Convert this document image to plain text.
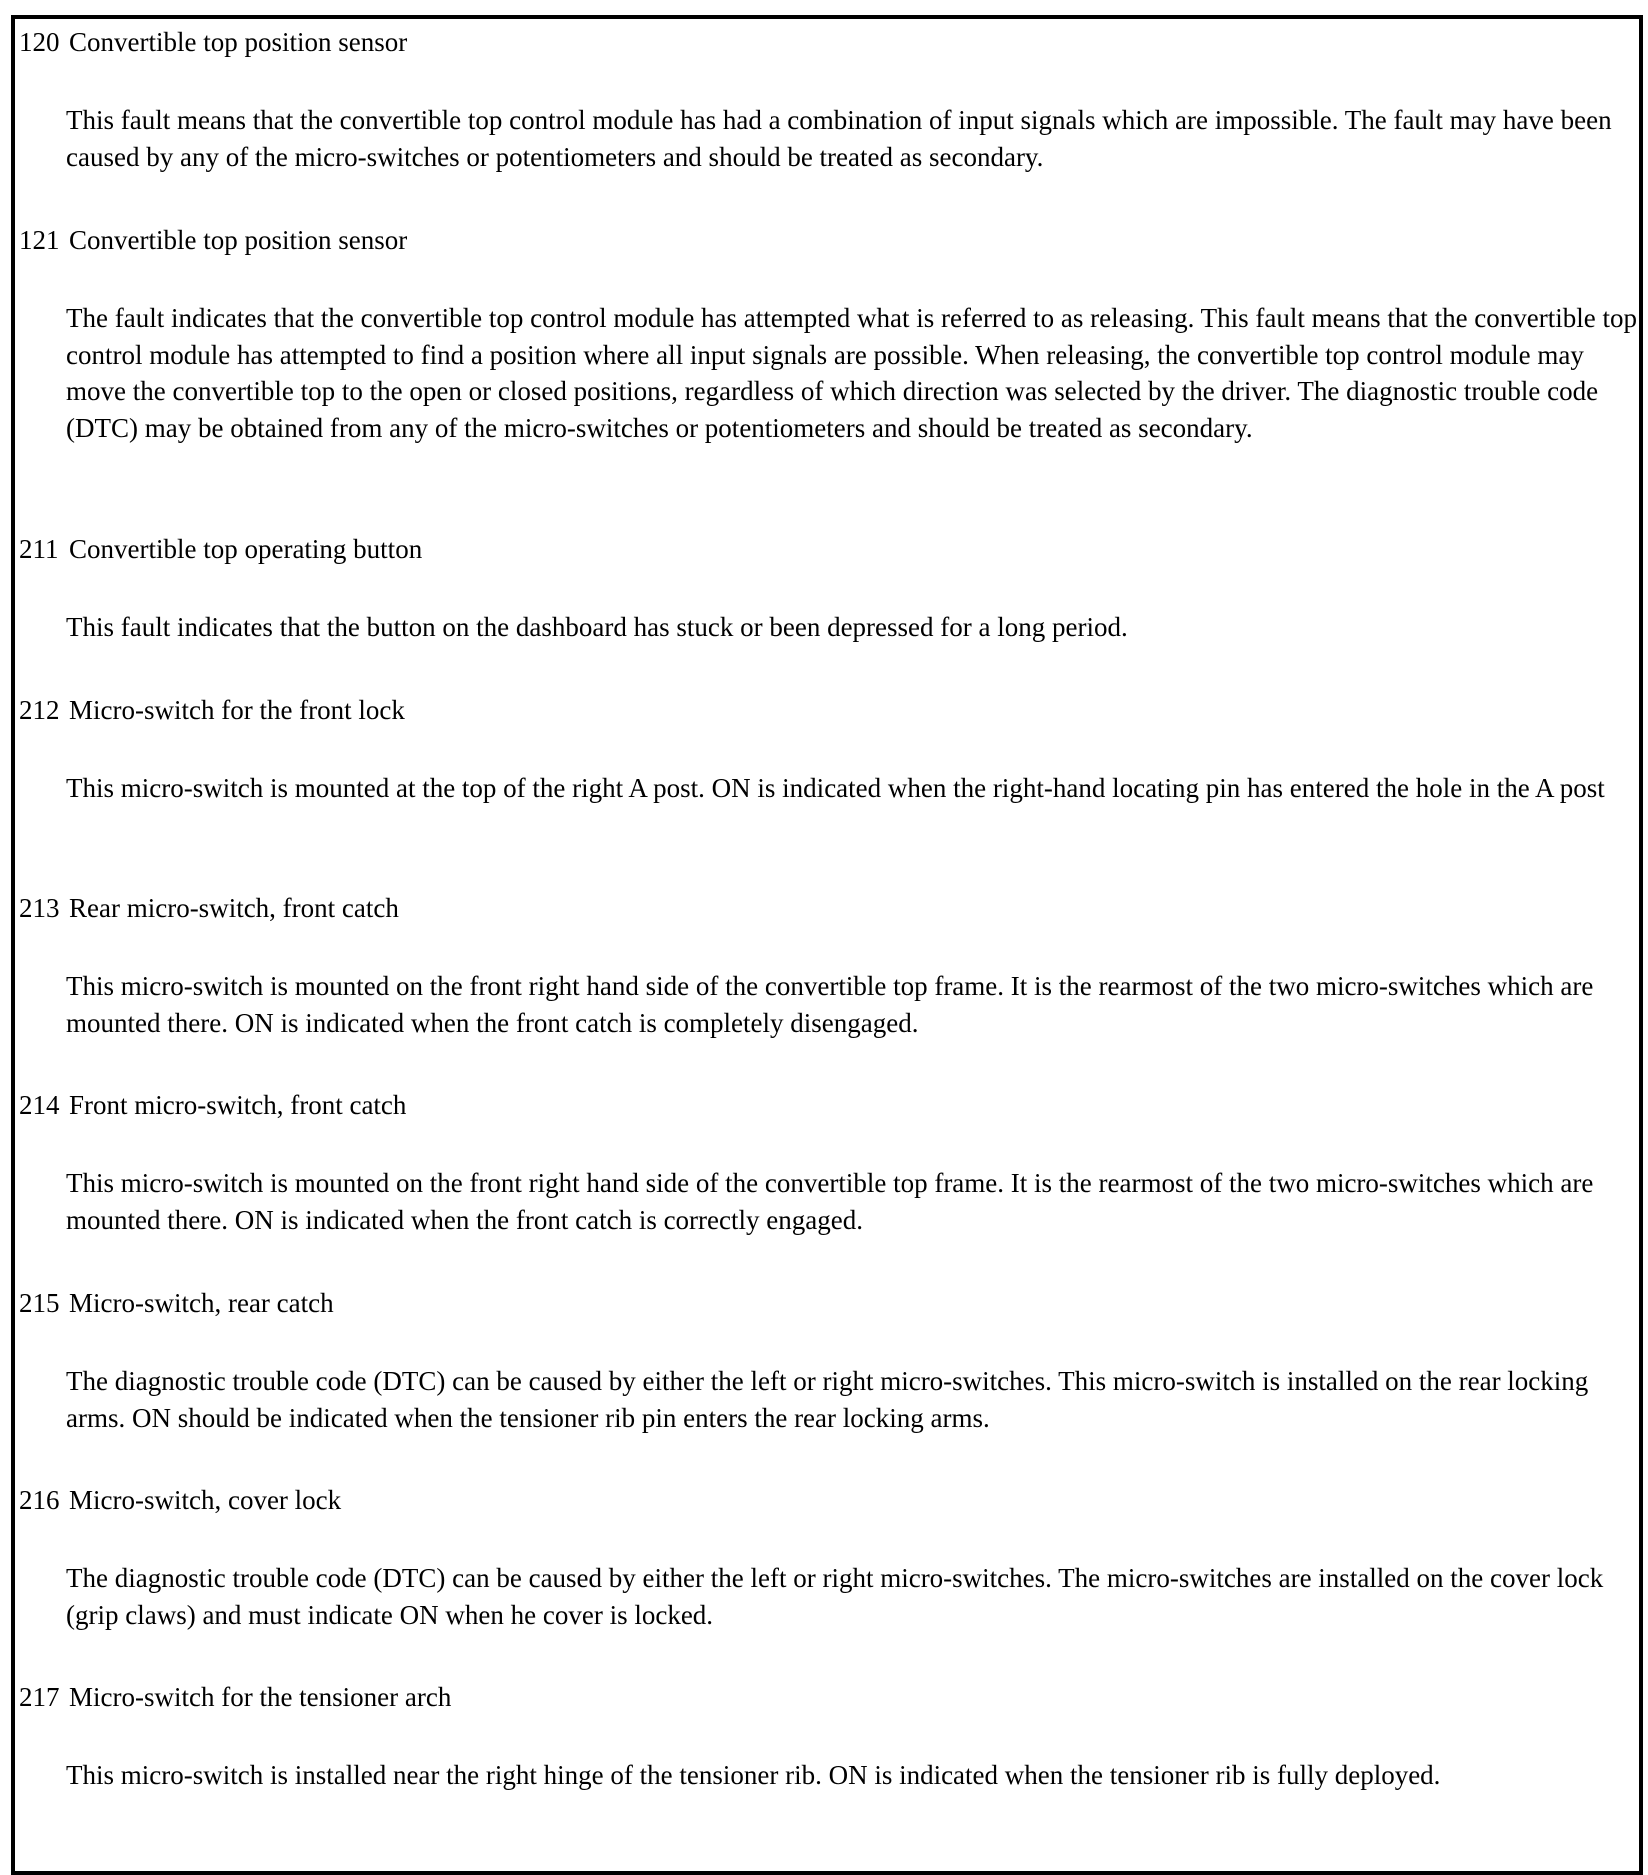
120 Convertible top position sensor
This fault means that the convertible top control module has had a combination of input signals which are impossible. The fault may have been caused by any of the micro-switches or potentiometers and should be treated as secondary.
121 Convertible top position sensor
The fault indicates that the convertible top control module has attempted what is referred to as releasing. This fault means that the convertible top control module has attempted to find a position where all input signals are possible. When releasing, the convertible top control module may move the convertible top to the open or closed positions, regardless of which direction was selected by the driver. The diagnostic trouble code (DTC) may be obtained from any of the micro-switches or potentiometers and should be treated as secondary.
211 Convertible top operating button
This fault indicates that the button on the dashboard has stuck or been depressed for a long period.
212 Micro-switch for the front lock
This micro-switch is mounted at the top of the right A post. ON is indicated when the right-hand locating pin has entered the hole in the A post
213 Rear micro-switch, front catch
This micro-switch is mounted on the front right hand side of the convertible top frame. It is the rearmost of the two micro-switches which are mounted there. ON is indicated when the front catch is completely disengaged.
214 Front micro-switch, front catch
This micro-switch is mounted on the front right hand side of the convertible top frame. It is the rearmost of the two micro-switches which are mounted there. ON is indicated when the front catch is correctly engaged.
215 Micro-switch, rear catch
The diagnostic trouble code (DTC) can be caused by either the left or right micro-switches. This micro-switch is installed on the rear locking arms. ON should be indicated when the tensioner rib pin enters the rear locking arms.
216 Micro-switch, cover lock
The diagnostic trouble code (DTC) can be caused by either the left or right micro-switches. The micro-switches are installed on the cover lock (grip claws) and must indicate ON when he cover is locked.
217 Micro-switch for the tensioner arch
This micro-switch is installed near the right hinge of the tensioner rib. ON is indicated when the tensioner rib is fully deployed.
